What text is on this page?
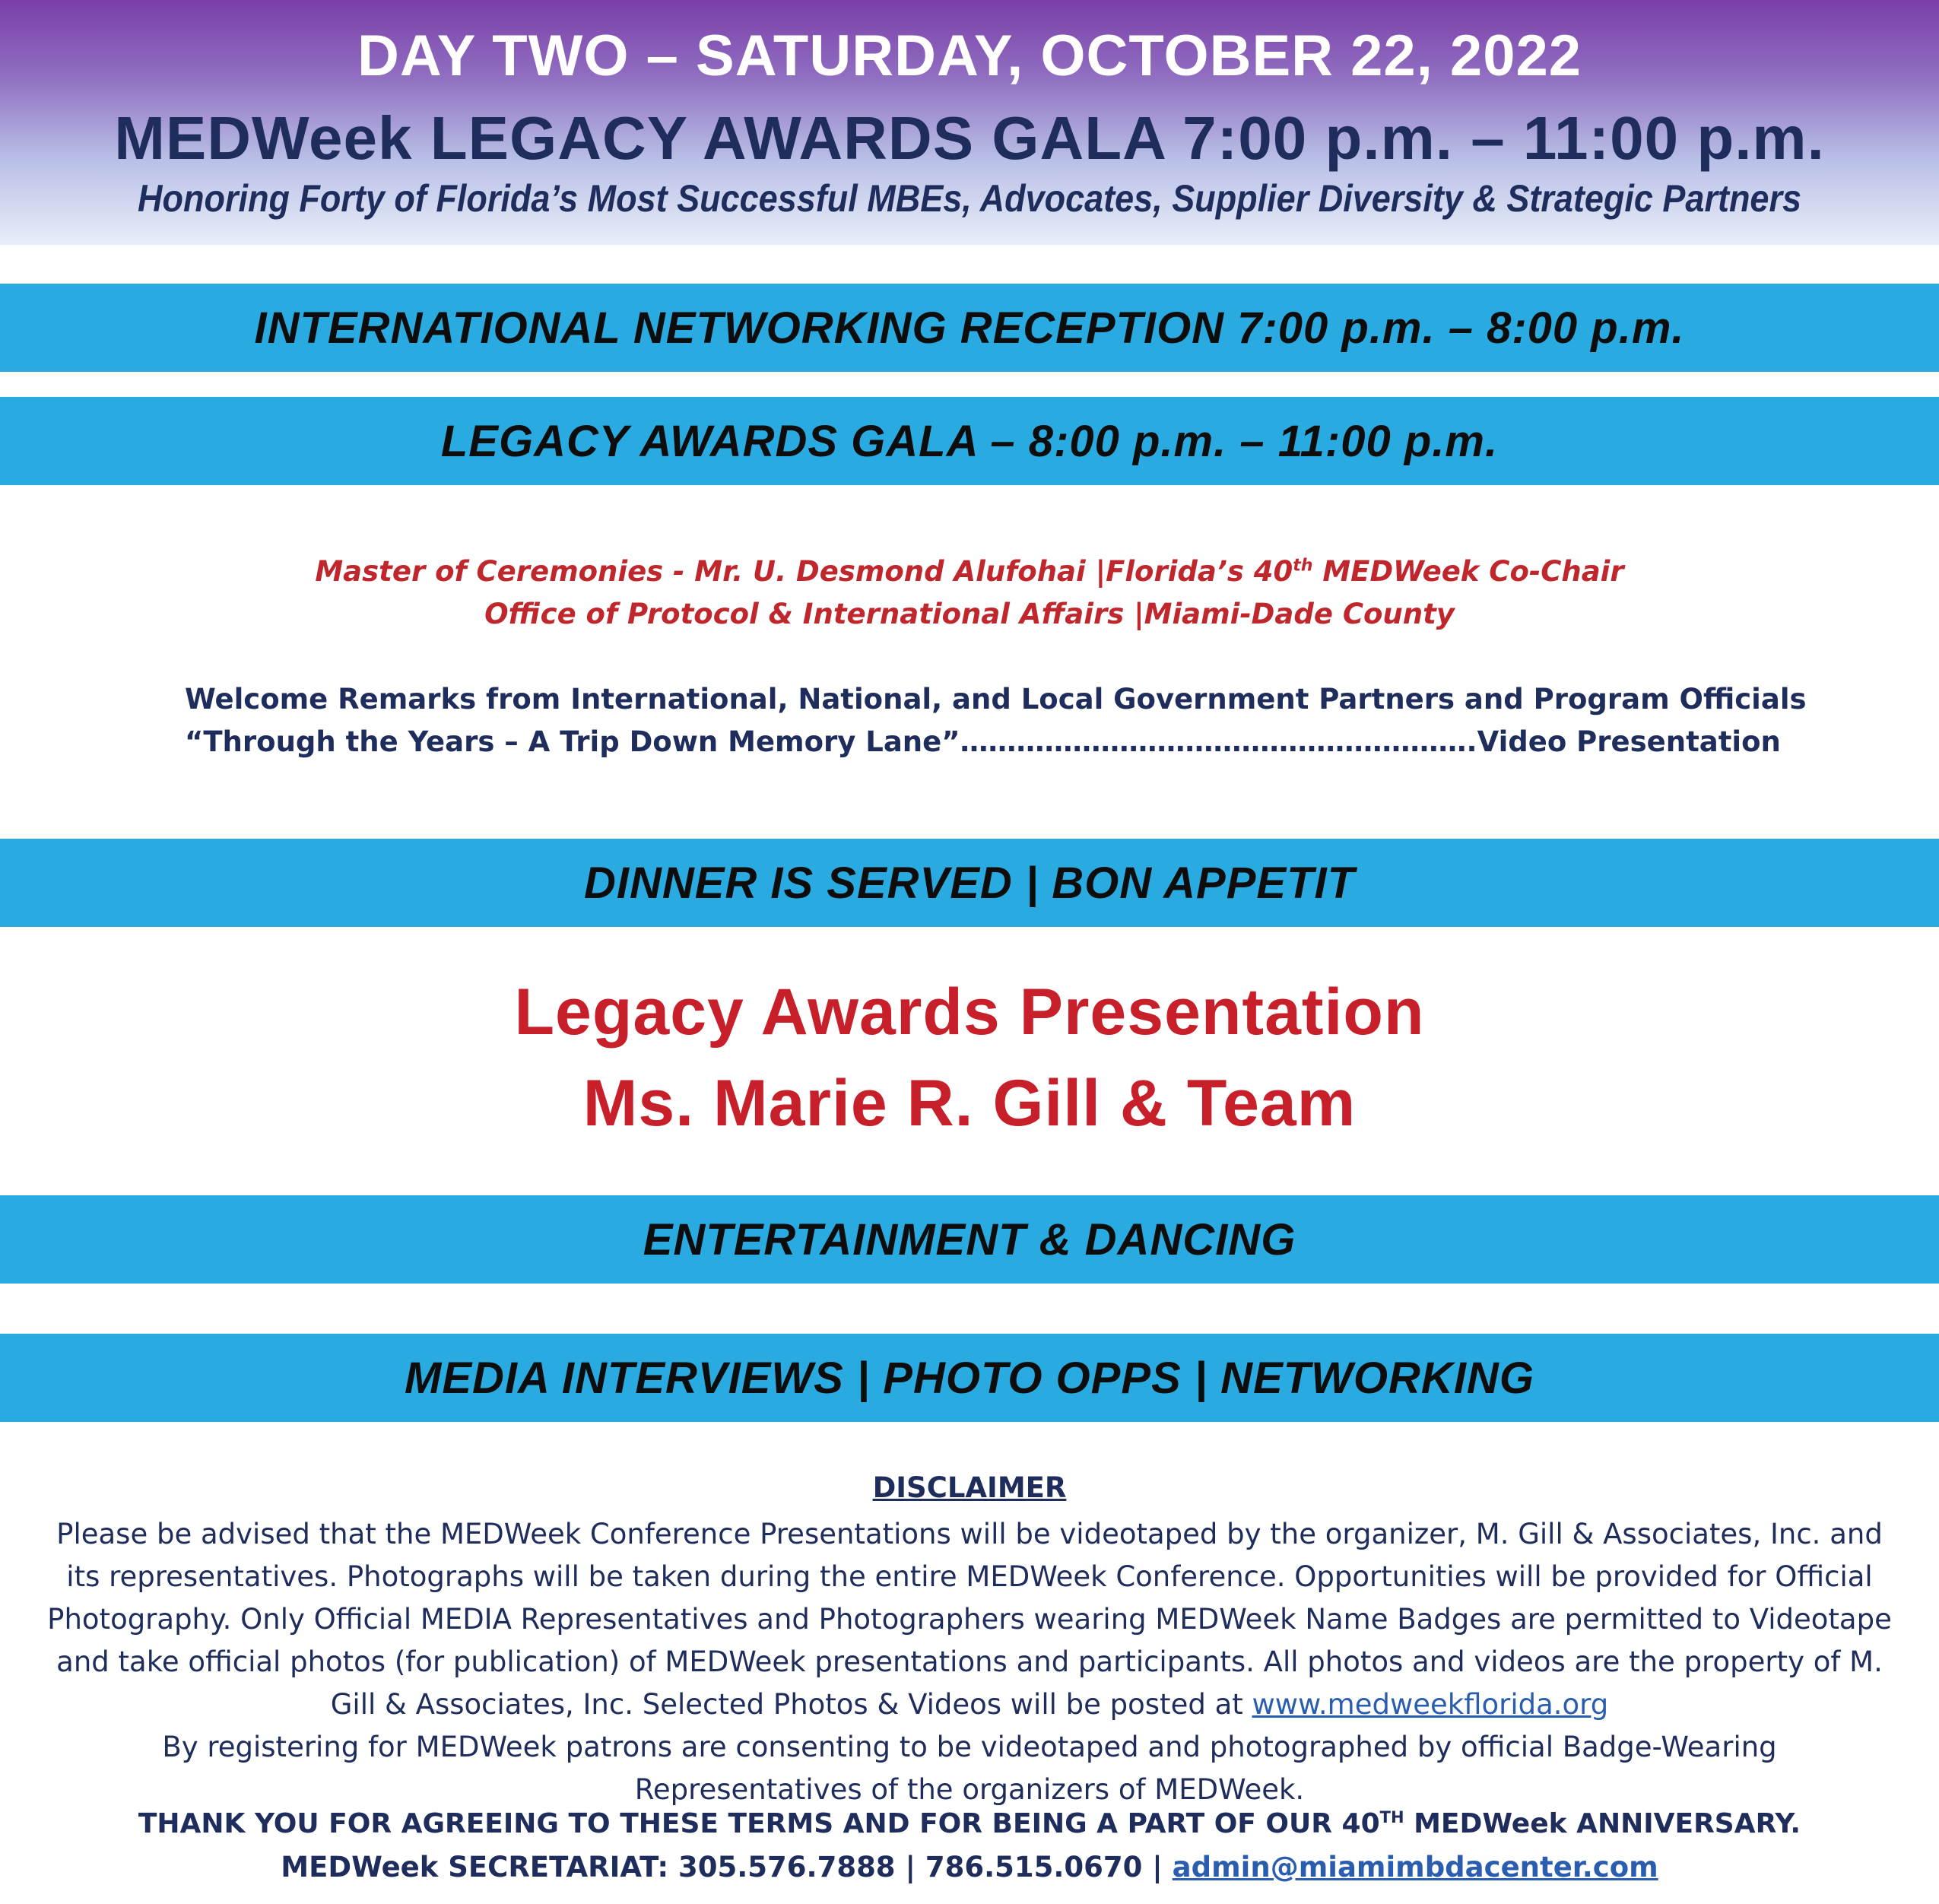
DAY TWO – SATURDAY, OCTOBER 22, 2022
MEDWeek LEGACY AWARDS GALA 7:00 p.m. – 11:00 p.m.
Honoring Forty of Florida’s Most Successful MBEs, Advocates, Supplier Diversity & Strategic Partners
INTERNATIONAL NETWORKING RECEPTION 7:00 p.m. – 8:00 p.m.
LEGACY AWARDS GALA – 8:00 p.m. – 11:00 p.m.
Master of Ceremonies - Mr. U. Desmond Alufohai |Florida’s 40th MEDWeek Co-Chair
Office of Protocol & International Affairs |Miami-Dade County
Welcome Remarks from International, National, and Local Government Partners and Program Officials
“Through the Years – A Trip Down Memory Lane”……………………………………………….Video Presentation
DINNER IS SERVED | BON APPETIT
Legacy Awards Presentation
Ms. Marie R. Gill & Team
ENTERTAINMENT & DANCING
MEDIA INTERVIEWS | PHOTO OPPS | NETWORKING
DISCLAIMER
Please be advised that the MEDWeek Conference Presentations will be videotaped by the organizer, M. Gill & Associates, Inc. and its representatives. Photographs will be taken during the entire MEDWeek Conference. Opportunities will be provided for Official Photography. Only Official MEDIA Representatives and Photographers wearing MEDWeek Name Badges are permitted to Videotape and take official photos (for publication) of MEDWeek presentations and participants. All photos and videos are the property of M. Gill & Associates, Inc. Selected Photos & Videos will be posted at www.medweekflorida.org
By registering for MEDWeek patrons are consenting to be videotaped and photographed by official Badge-Wearing Representatives of the organizers of MEDWeek.
THANK YOU FOR AGREEING TO THESE TERMS AND FOR BEING A PART OF OUR 40TH MEDWeek ANNIVERSARY.
MEDWeek SECRETARIAT: 305.576.7888 | 786.515.0670 | admin@miamimbdacenter.com
